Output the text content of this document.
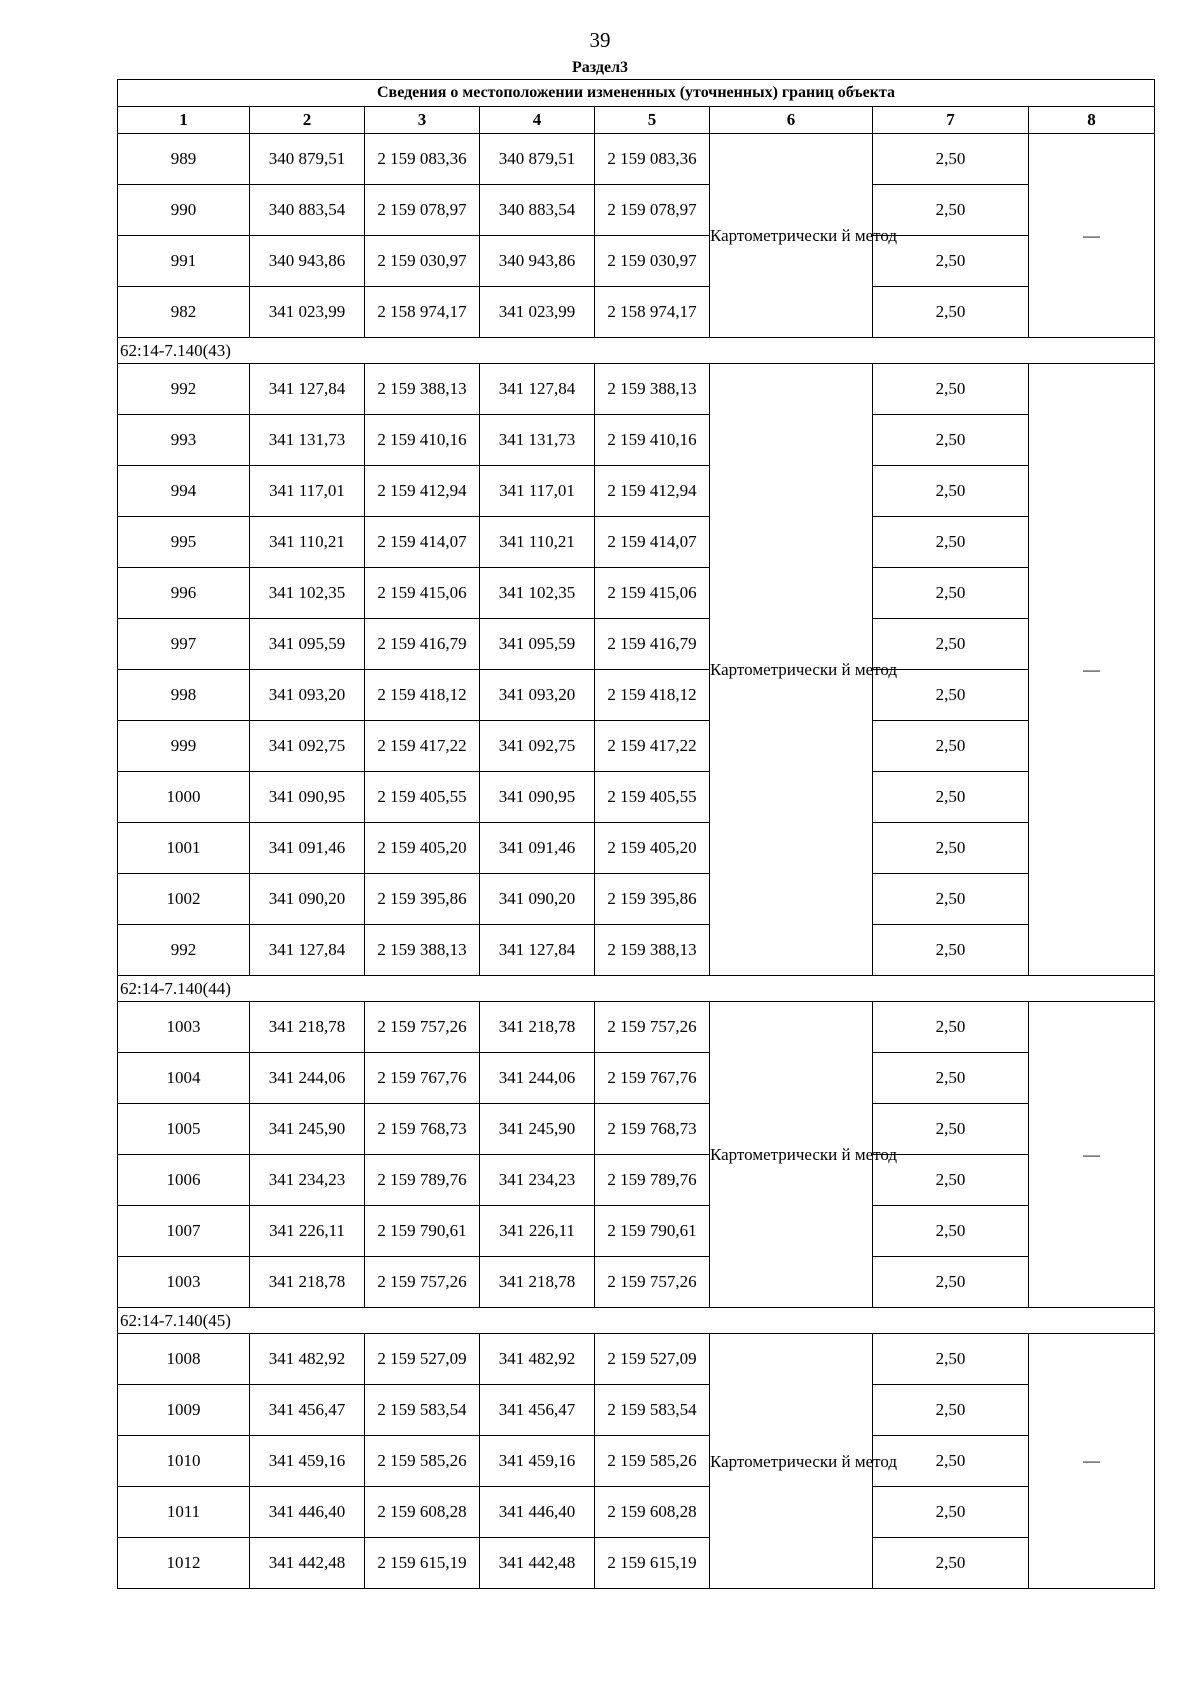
39
Раздел3
Сведения о местоположении измененных (уточненных) границ объекта							
1	2	3	4	5	6	7	8
989	340 879,51	2 159 083,36	340 879,51	2 159 083,36	Картометрически й метод	2,50	—
990	340 883,54	2 159 078,97	340 883,54	2 159 078,97		2,50	
991	340 943,86	2 159 030,97	340 943,86	2 159 030,97		2,50	
982	341 023,99	2 158 974,17	341 023,99	2 158 974,17		2,50	
62:14-7.140(43)							
992	341 127,84	2 159 388,13	341 127,84	2 159 388,13	Картометрически й метод	2,50	—
993	341 131,73	2 159 410,16	341 131,73	2 159 410,16		2,50	
994	341 117,01	2 159 412,94	341 117,01	2 159 412,94		2,50	
995	341 110,21	2 159 414,07	341 110,21	2 159 414,07		2,50	
996	341 102,35	2 159 415,06	341 102,35	2 159 415,06		2,50	
997	341 095,59	2 159 416,79	341 095,59	2 159 416,79		2,50	
998	341 093,20	2 159 418,12	341 093,20	2 159 418,12		2,50	
999	341 092,75	2 159 417,22	341 092,75	2 159 417,22		2,50	
1000	341 090,95	2 159 405,55	341 090,95	2 159 405,55		2,50	
1001	341 091,46	2 159 405,20	341 091,46	2 159 405,20		2,50	
1002	341 090,20	2 159 395,86	341 090,20	2 159 395,86		2,50	
992	341 127,84	2 159 388,13	341 127,84	2 159 388,13		2,50	
62:14-7.140(44)							
1003	341 218,78	2 159 757,26	341 218,78	2 159 757,26	Картометрически й метод	2,50	—
1004	341 244,06	2 159 767,76	341 244,06	2 159 767,76		2,50	
1005	341 245,90	2 159 768,73	341 245,90	2 159 768,73		2,50	
1006	341 234,23	2 159 789,76	341 234,23	2 159 789,76		2,50	
1007	341 226,11	2 159 790,61	341 226,11	2 159 790,61		2,50	
1003	341 218,78	2 159 757,26	341 218,78	2 159 757,26		2,50	
62:14-7.140(45)							
1008	341 482,92	2 159 527,09	341 482,92	2 159 527,09	Картометрически й метод	2,50	—
1009	341 456,47	2 159 583,54	341 456,47	2 159 583,54		2,50	
1010	341 459,16	2 159 585,26	341 459,16	2 159 585,26		2,50	
1011	341 446,40	2 159 608,28	341 446,40	2 159 608,28		2,50	
1012	341 442,48	2 159 615,19	341 442,48	2 159 615,19		2,50	
